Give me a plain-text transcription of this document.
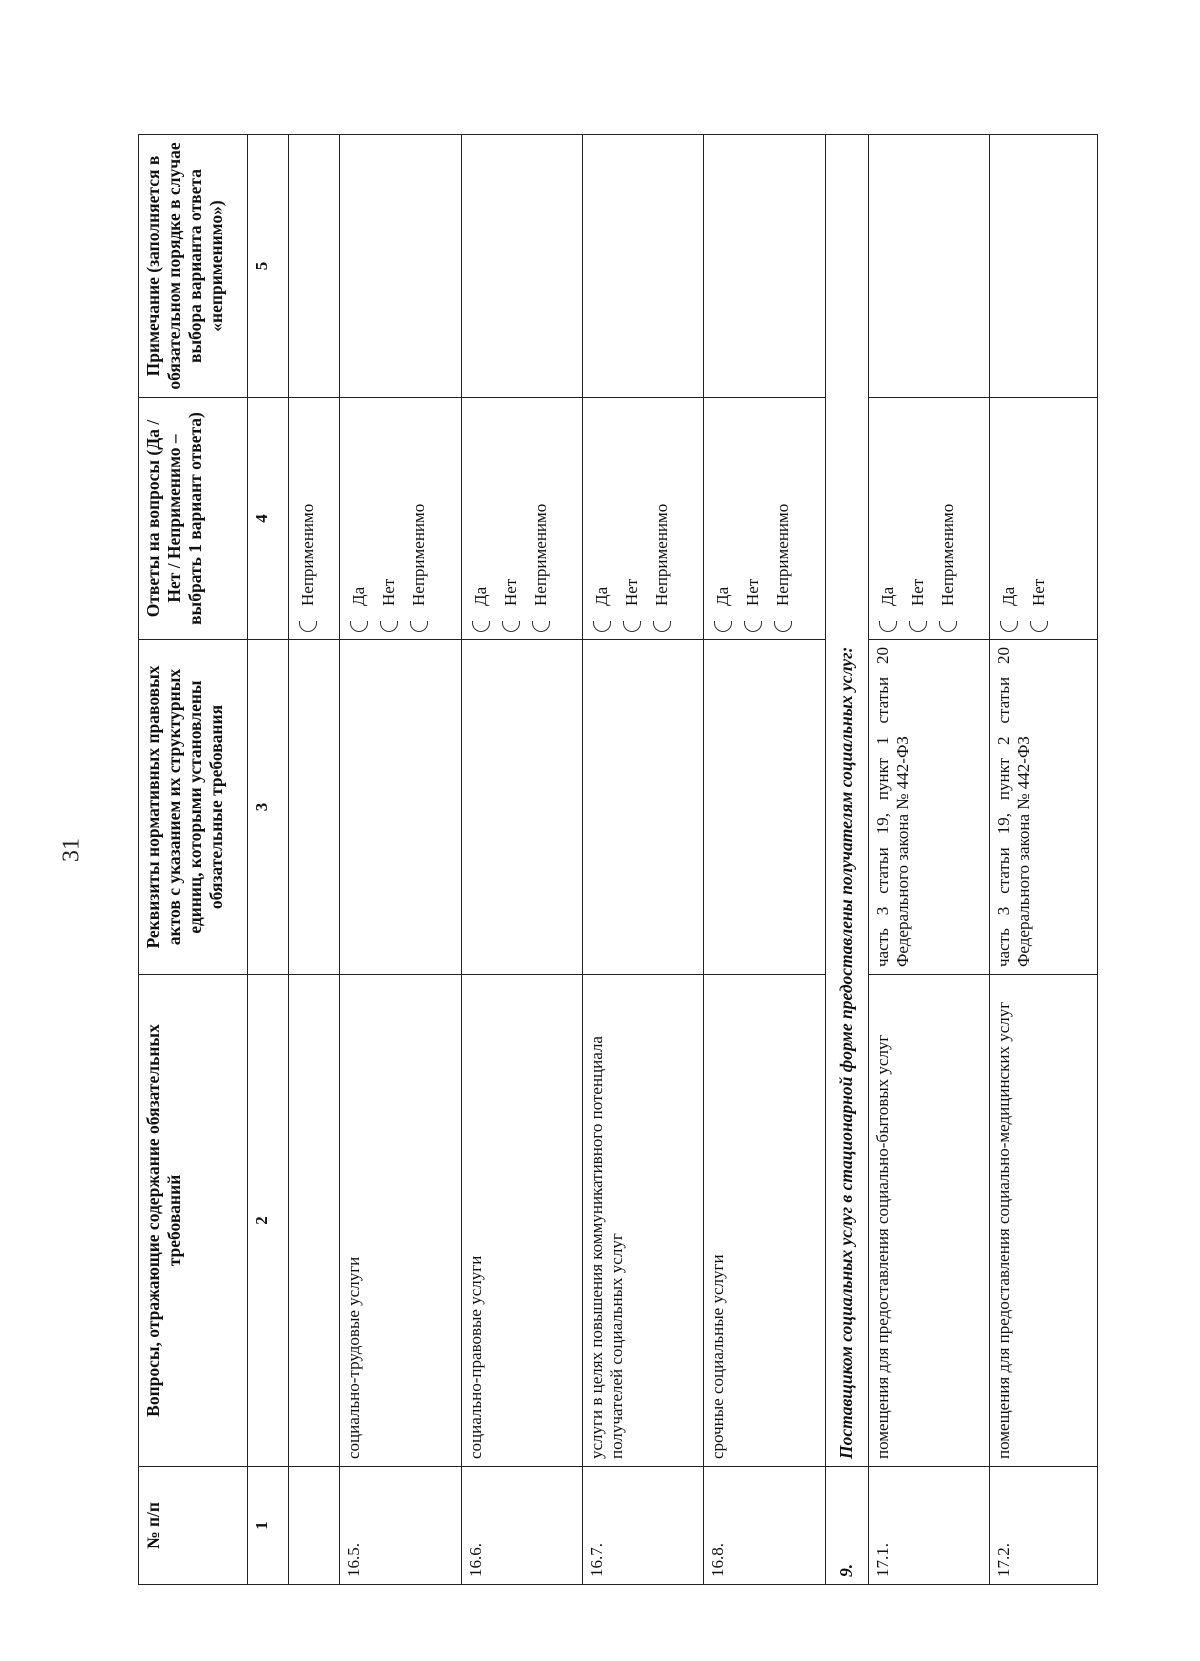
31
№ п/п	Вопросы, отражающие содержание обязательных требований	Реквизиты нормативных правовых актов с указанием их структурных единиц, которыми установлены обязательные требования	Ответы на вопросы (Да / Нет / Неприменимо – выбрать 1 вариант ответа)	Примечание (заполняется в обязательном порядке в случае выбора варианта ответа «неприменимо»)
1	2	3	4	5

			Неприменимо	

16.5.	социально-трудовые услуги		Да Нет Неприменимо	

16.6.	социально-правовые услуги		Да Нет Неприменимо	

16.7.	услуги в целях повышения коммуникативного потенциала получателей социальных услуг		Да Нет Неприменимо	

16.8.	срочные социальные услуги		Да Нет Неприменимо	

9.	Поставщиком социальных услуг в стационарной форме предоставлены получателям социальных услуг:			
17.1.	помещения для предоставления социально-бытовых услуг	часть 3 статьи 19, пункт 1 статьи 20 Федерального закона № 442-ФЗ	Да Нет Неприменимо	

17.2.	помещения для предоставления социально-медицинских услуг	часть 3 статьи 19, пункт 2 статьи 20 Федерального закона № 442-ФЗ	Да Нет	
